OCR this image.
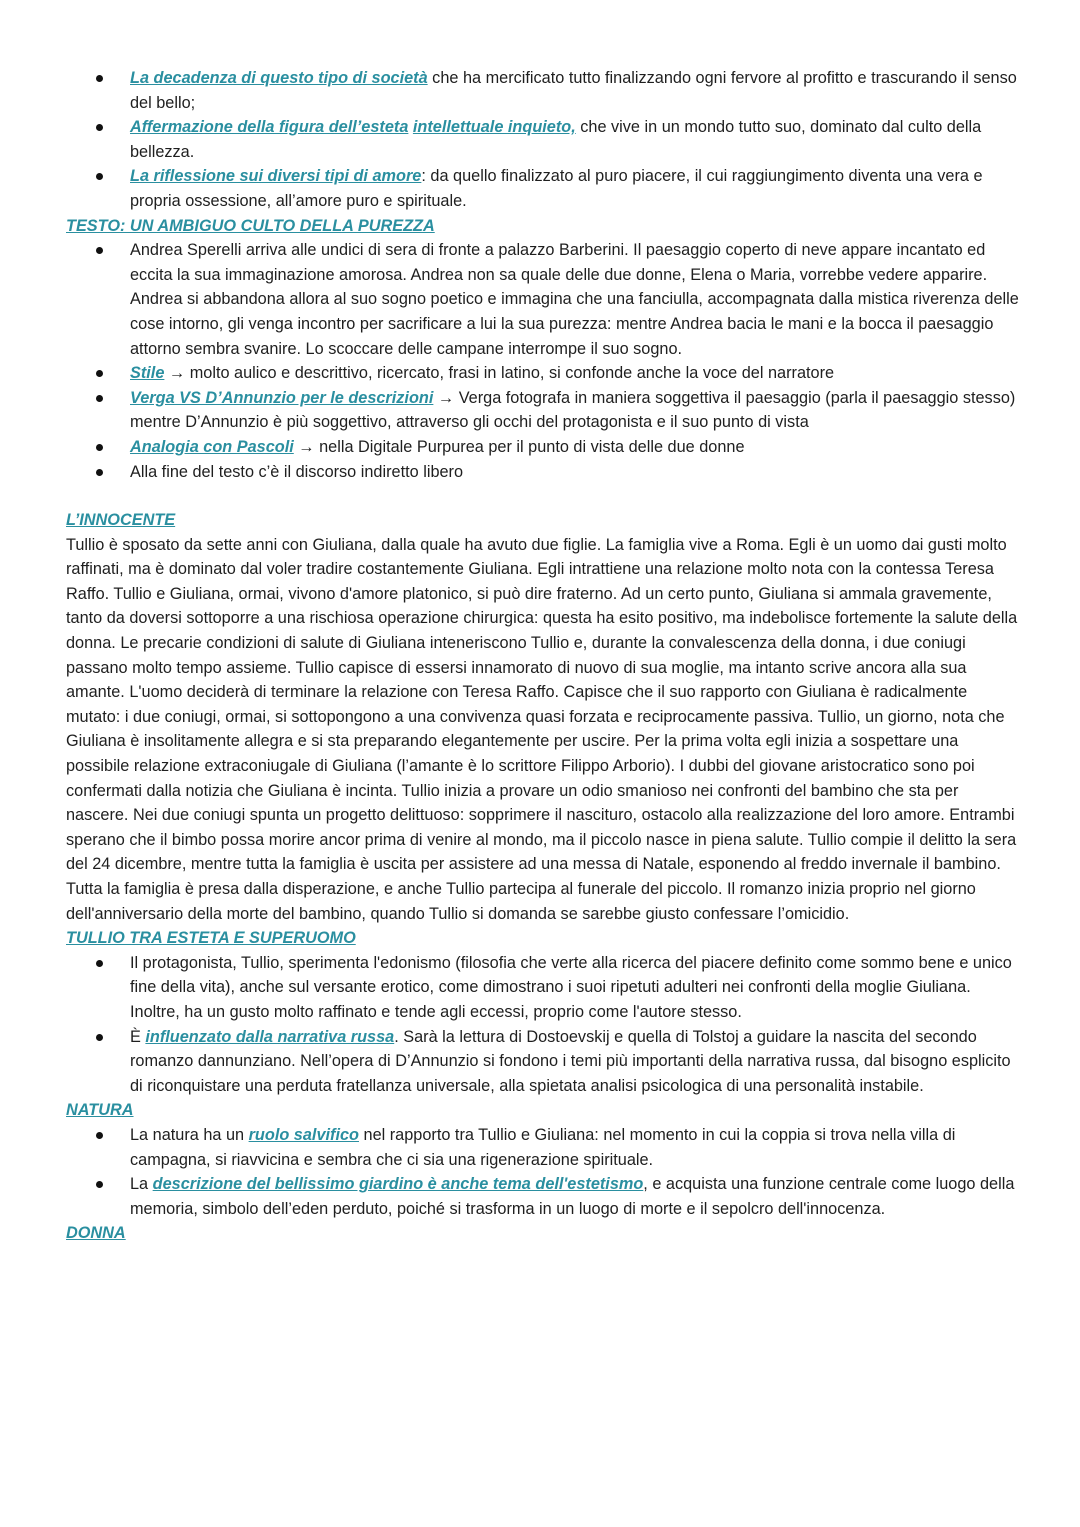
La decadenza di questo tipo di società che ha mercificato tutto finalizzando ogni fervore al profitto e trascurando il senso del bello;
Affermazione della figura dell’esteta intellettuale inquieto, che vive in un mondo tutto suo, dominato dal culto della bellezza.
La riflessione sui diversi tipi di amore: da quello finalizzato al puro piacere, il cui raggiungimento diventa una vera e propria ossessione, all’amore puro e spirituale.
TESTO: UN AMBIGUO CULTO DELLA PUREZZA
Andrea Sperelli arriva alle undici di sera di fronte a palazzo Barberini. Il paesaggio coperto di neve appare incantato ed eccita la sua immaginazione amorosa. Andrea non sa quale delle due donne, Elena o Maria, vorrebbe vedere apparire. Andrea si abbandona allora al suo sogno poetico e immagina che una fanciulla, accompagnata dalla mistica riverenza delle cose intorno, gli venga incontro per sacrificare a lui la sua purezza: mentre Andrea bacia le mani e la bocca il paesaggio attorno sembra svanire. Lo scoccare delle campane interrompe il suo sogno.
Stile → molto aulico e descrittivo, ricercato, frasi in latino, si confonde anche la voce del narratore
Verga VS D’Annunzio per le descrizioni → Verga fotografa in maniera soggettiva il paesaggio (parla il paesaggio stesso) mentre D’Annunzio è più soggettivo, attraverso gli occhi del protagonista e il suo punto di vista
Analogia con Pascoli → nella Digitale Purpurea per il punto di vista delle due donne
Alla fine del testo c’è il discorso indiretto libero
L’INNOCENTE

Tullio è sposato da sette anni con Giuliana, dalla quale ha avuto due figlie. La famiglia vive a Roma. Egli è un uomo dai gusti molto raffinati, ma è dominato dal voler tradire costantemente Giuliana. Egli intrattiene una relazione molto nota con la contessa Teresa Raffo. Tullio e Giuliana, ormai, vivono d'amore platonico, si può dire fraterno. Ad un certo punto, Giuliana si ammala gravemente, tanto da doversi sottoporre a una rischiosa operazione chirurgica: questa ha esito positivo, ma indebolisce fortemente la salute della donna. Le precarie condizioni di salute di Giuliana inteneriscono Tullio e, durante la convalescenza della donna, i due coniugi passano molto tempo assieme. Tullio capisce di essersi innamorato di nuovo di sua moglie, ma intanto scrive ancora alla sua amante. L'uomo deciderà di terminare la relazione con Teresa Raffo. Capisce che il suo rapporto con Giuliana è radicalmente mutato: i due coniugi, ormai, si sottopongono a una convivenza quasi forzata e reciprocamente passiva. Tullio, un giorno, nota che Giuliana è insolitamente allegra e si sta preparando elegantemente per uscire. Per la prima volta egli inizia a sospettare una possibile relazione extraconiugale di Giuliana (l’amante è lo scrittore Filippo Arborio). I dubbi del giovane aristocratico sono poi confermati dalla notizia che Giuliana è incinta. Tullio inizia a provare un odio smanioso nei confronti del bambino che sta per nascere. Nei due coniugi spunta un progetto delittuoso: sopprimere il nascituro, ostacolo alla realizzazione del loro amore. Entrambi sperano che il bimbo possa morire ancor prima di venire al mondo, ma il piccolo nasce in piena salute. Tullio compie il delitto la sera del 24 dicembre, mentre tutta la famiglia è uscita per assistere ad una messa di Natale, esponendo al freddo invernale il bambino. Tutta la famiglia è presa dalla disperazione, e anche Tullio partecipa al funerale del piccolo. Il romanzo inizia proprio nel giorno dell'anniversario della morte del bambino, quando Tullio si domanda se sarebbe giusto confessare l’omicidio.

TULLIO TRA ESTETA E SUPERUOMO
Il protagonista, Tullio, sperimenta l'edonismo (filosofia che verte alla ricerca del piacere definito come sommo bene e unico fine della vita), anche sul versante erotico, come dimostrano i suoi ripetuti adulteri nei confronti della moglie Giuliana. Inoltre, ha un gusto molto raffinato e tende agli eccessi, proprio come l'autore stesso.
È influenzato dalla narrativa russa. Sarà la lettura di Dostoevskij e quella di Tolstoj a guidare la nascita del secondo romanzo dannunziano. Nell’opera di D’Annunzio si fondono i temi più importanti della narrativa russa, dal bisogno esplicito di riconquistare una perduta fratellanza universale, alla spietata analisi psicologica di una personalità instabile.
NATURA
La natura ha un ruolo salvifico nel rapporto tra Tullio e Giuliana: nel momento in cui la coppia si trova nella villa di campagna, si riavvicina e sembra che ci sia una rigenerazione spirituale.
La descrizione del bellissimo giardino è anche tema dell'estetismo, e acquista una funzione centrale come luogo della memoria, simbolo dell’eden perduto, poiché si trasforma in un luogo di morte e il sepolcro dell'innocenza.
DONNA
